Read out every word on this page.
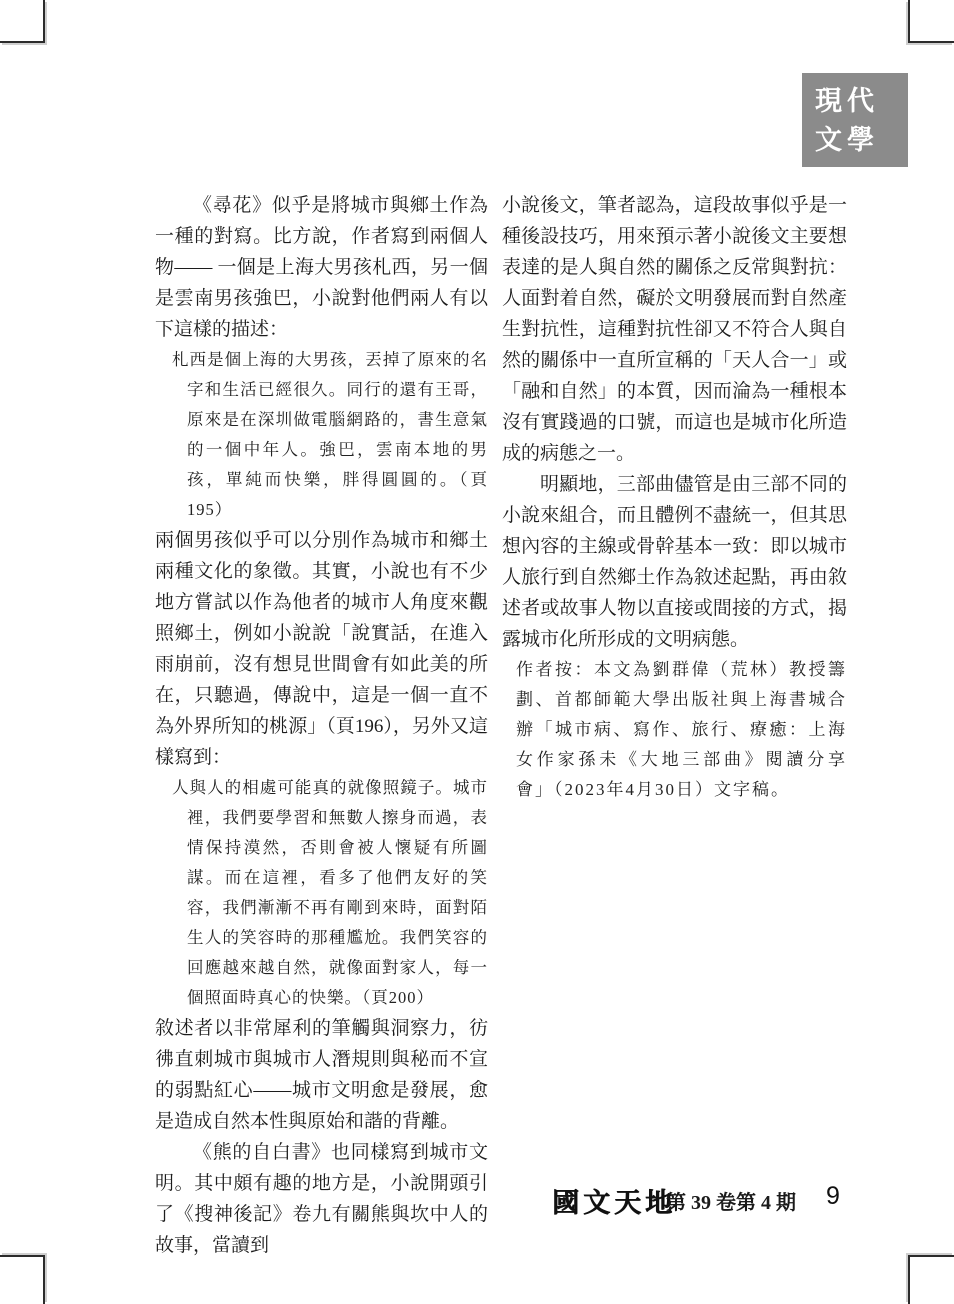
現代
文學

《尋花》似乎是將城市與鄉土作為一種的對寫。比方說，作者寫到兩個人物—— 一個是上海大男孩札西，另一個是雲南男孩強巴，小說對他們兩人有以下這樣的描述：

札西是個上海的大男孩，丟掉了原來的名字和生活已經很久。同行的還有王哥，原來是在深圳做電腦網路的，書生意氣的一個中年人。強巴，雲南本地的男孩，單純而快樂，胖得圓圓的。（頁195）

兩個男孩似乎可以分別作為城市和鄉土兩種文化的象徵。其實，小說也有不少地方嘗試以作為他者的城市人角度來觀照鄉土，例如小說說「說實話，在進入雨崩前，沒有想見世間會有如此美的所在，只聽過，傳說中，這是一個一直不為外界所知的桃源」（頁196），另外又這樣寫到：

人與人的相處可能真的就像照鏡子。城市裡，我們要學習和無數人擦身而過，表情保持漠然，否則會被人懷疑有所圖謀。而在這裡，看多了他們友好的笑容，我們漸漸不再有剛到來時，面對陌生人的笑容時的那種尷尬。我們笑容的回應越來越自然，就像面對家人，每一個照面時真心的快樂。（頁200）

敘述者以非常犀利的筆觸與洞察力，彷彿直刺城市與城市人潛規則與秘而不宣的弱點紅心——城市文明愈是發展，愈是造成自然本性與原始和諧的背離。

《熊的自白書》也同樣寫到城市文明。其中頗有趣的地方是，小說開頭引了《搜神後記》卷九有關熊與坎中人的故事，當讀到

小說後文，筆者認為，這段故事似乎是一種後設技巧，用來預示著小說後文主要想表達的是人與自然的關係之反常與對抗：人面對着自然，礙於文明發展而對自然產生對抗性，這種對抗性卻又不符合人與自然的關係中一直所宣稱的「天人合一」或「融和自然」的本質，因而淪為一種根本沒有實踐過的口號，而這也是城市化所造成的病態之一。

明顯地，三部曲儘管是由三部不同的小說來組合，而且體例不盡統一，但其思想內容的主線或骨幹基本一致：即以城市人旅行到自然鄉土作為敘述起點，再由敘述者或故事人物以直接或間接的方式，揭露城市化所形成的文明病態。

作者按：本文為劉群偉（荒林）教授籌劃、首都師範大學出版社與上海書城合辦「城市病、寫作、旅行、療癒：上海女作家孫未《大地三部曲》閱讀分享會」（2023年4月30日）文字稿。
國文天地
第 39 卷第 4 期 9
